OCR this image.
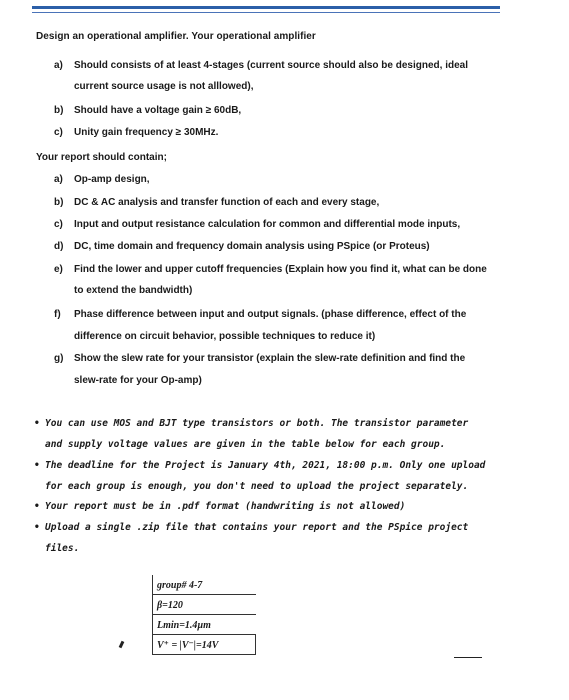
Design an operational amplifier. Your operational amplifier
a) Should consists of at least 4-stages (current source should also be designed, ideal
current source usage is not alllowed),
b) Should have a voltage gain ≥ 60dB,
c) Unity gain frequency ≥ 30MHz.
Your report should contain;
a) Op-amp design,
b) DC & AC analysis and transfer function of each and every stage,
c) Input and output resistance calculation for common and differential mode inputs,
d) DC, time domain and frequency domain analysis using PSpice (or Proteus)
e) Find the lower and upper cutoff frequencies (Explain how you find it, what can be done
to extend the bandwidth)
f) Phase difference between input and output signals. (phase difference, effect of the
difference on circuit behavior, possible techniques to reduce it)
g) Show the slew rate for your transistor (explain the slew-rate definition and find the
slew-rate for your Op-amp)
• You can use MOS and BJT type transistors or both. The transistor parameter
and supply voltage values are given in the table below for each group.
• The deadline for the Project is January 4th, 2021, 18:00 p.m. Only one upload
for each group is enough, you don't need to upload the project separately.
• Your report must be in .pdf format (handwriting is not allowed)
• Upload a single .zip file that contains your report and the PSpice project
files.
group# 4-7
β=120
Lmin=1.4µm
V⁺ = |V⁻|=14V
